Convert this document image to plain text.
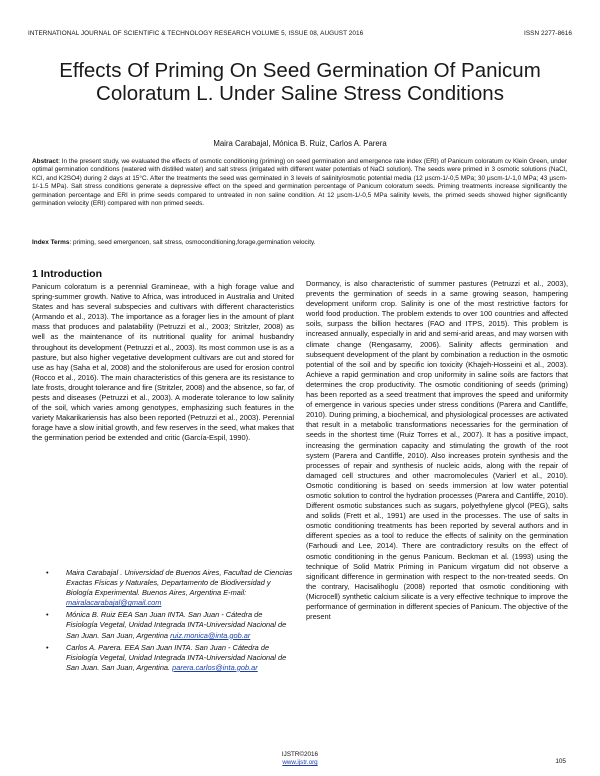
INTERNATIONAL JOURNAL OF SCIENTIFIC & TECHNOLOGY RESEARCH VOLUME 5, ISSUE 08, AUGUST 2016	ISSN 2277-8616
Effects Of Priming On Seed Germination Of Panicum Coloratum L. Under Saline Stress Conditions
Maira Carabajal, Mónica B. Ruiz, Carlos A. Parera
Abstract: In the present study, we evaluated the effects of osmotic conditioning (priming) on seed germination and emergence rate index (ERI) of Panicum coloratum cv Klein Green, under optimal germination conditions (watered with distilled water) and salt stress (irrigated with different water potentials of NaCl solution). The seeds were primed in 3 osmotic solutions (NaCl, KCl, and K2SO4) during 2 days at 15°C. After the treatments the seed was germinated in 3 levels of salinity/osmotic potential media (12 µscm-1/-0,5 MPa; 30 µscm-1/-1,0 MPa; 43 µscm-1/-1.5 MPa). Salt stress conditions generate a depressive effect on the speed and germination percentage of Panicum coloratum seeds. Priming treatments increase significantly the germination percentage and ERI in prime seeds compared to untreated in non saline condition. At 12 µscm-1/-0,5 MPa salinity levels, the primed seeds showed higher significantly germination velocity (ERI) compared with non primed seeds.
Index Terms: priming, seed emergencen, salt stress, osmoconditioning,forage,germination velocity.
1 Introduction
Panicum coloratum is a perennial Gramineae, with a high forage value and spring-summer growth. Native to Africa, was introduced in Australia and United States and has several subspecies and cultivars with different characteristics (Armando et al., 2013). The importance as a forager lies in the amount of plant mass that produces and palatability (Petruzzi et al., 2003; Stritzler, 2008) as well as the maintenance of its nutritional quality for animal husbandry throughout its development (Petruzzi et al., 2003). Its most common use is as a pasture, but also higher vegetative development cultivars are cut and stored for use as hay (Saha et al, 2008) and the stoloniferous are used for erosion control (Rocco et al., 2016). The main characteristics of this genera are its resistance to late frosts, drought tolerance and fire (Stritzler, 2008) and the absence, so far, of pests and diseases (Petruzzi et al., 2003). A moderate tolerance to low salinity of the soil, which varies among genotypes, emphasizing such features in the variety Makarikariensis has also been reported (Petruzzi et al., 2003). Perennial forage have a slow initial growth, and few reserves in the seed, what makes that the germination period be extended and critic (García-Espil, 1990).
• Maira Carabajal . Universidad de Buenos Aires, Facultad de Ciencias Exactas Físicas y Naturales, Departamento de Biodiversidad y Biología Experimental. Buenos Aires, Argentina E-mail:
mairalacarabajal@gmail.com
• Mónica B. Ruiz EEA San Juan INTA. San Juan - Cátedra de Fisiología Vegetal, Unidad Integrada INTA-Universidad Nacional de San Juan. San Juan, Argentina ruiz.monica@inta.gob.ar
• Carlos A. Parera. EEA San Juan INTA. San Juan - Cátedra de Fisiología Vegetal, Unidad Integrada INTA-Universidad Nacional de San Juan. San Juan, Argentina. parera.carlos@inta.gob.ar
Dormancy, is also characteristic of summer pastures (Petruzzi et al., 2003), prevents the germination of seeds in a same growing season, hampering development uniform crop. Salinity is one of the most restrictive factors for world food production. The problem extends to over 100 countries and affected soils, surpass the billion hectares (FAO and ITPS, 2015). This problem is increased annually, especially in arid and semi-arid areas, and may worsen with climate change (Rengasamy, 2006). Salinity affects germination and subsequent development of the plant by combination a reduction in the osmotic potential of the soil and by specific ion toxicity (Khajeh-Hosseini et al., 2003). Achieve a rapid germination and crop uniformity in saline soils are factors that determines the crop productivity. The osmotic conditioning of seeds (priming) has been reported as a seed treatment that improves the speed and uniformity of emergence in various species under stress conditions (Parera and Cantliffe, 2010). During priming, a biochemical, and physiological processes are activated that result in a metabolic transformations necessaries for the germination of seeds in the shortest time (Ruiz Torres et al., 2007). It has a positive impact, increasing the germination capacity and stimulating the growth of the root system (Parera and Cantliffe, 2010). Also increases protein synthesis and the processes of repair and synthesis of nucleic acids, along with the repair of damaged cell structures and other macromolecules (Varierl et al., 2010). Osmotic conditioning is based on seeds immersion at low water potential osmotic solution to control the hydration processes (Parera and Cantliffe, 2010). Different osmotic substances such as sugars, polyethylene glycol (PEG), salts and solids (Frett et al., 1991) are used in the processes. The use of salts in osmotic conditioning treatments has been reported by several authors and in different species as a tool to reduce the effects of salinity on the germination (Farhoudi and Lee, 2014). There are contradictory results on the effect of osmotic conditioning in the genus Panicum. Beckman et al. (1993) using the technique of Solid Matrix Priming in Panicum virgatum did not observe a significant difference in germination with respect to the non-treated seeds. On the contrary, Hacisalihoglu (2008) reported that osmotic conditioning with (Microcell) synthetic calcium silicate is a very effective technique to improve the performance of germination in different species of Panicum. The objective of the present
105
IJSTR©2016
www.ijstr.org
